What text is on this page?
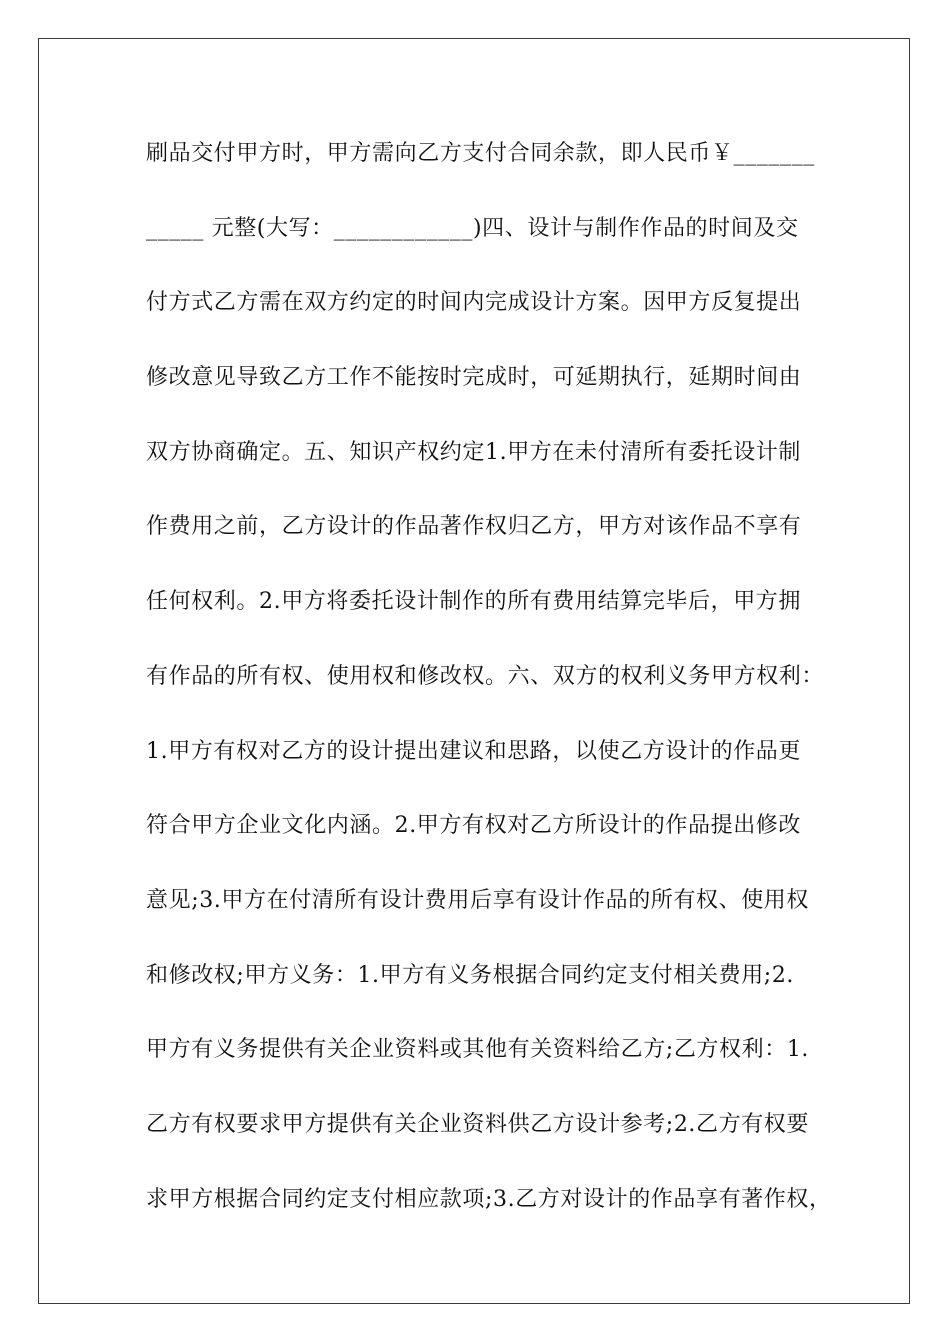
刷品交付甲方时，甲方需向乙方支付合同余款，即人民币￥_______
_____ 元整(大写：____________)四、设计与制作作品的时间及交
付方式乙方需在双方约定的时间内完成设计方案。因甲方反复提出
修改意见导致乙方工作不能按时完成时，可延期执行，延期时间由
双方协商确定。五、知识产权约定1.甲方在未付清所有委托设计制
作费用之前，乙方设计的作品著作权归乙方，甲方对该作品不享有
任何权利。2.甲方将委托设计制作的所有费用结算完毕后，甲方拥
有作品的所有权、使用权和修改权。六、双方的权利义务甲方权利：
1.甲方有权对乙方的设计提出建议和思路，以使乙方设计的作品更
符合甲方企业文化内涵。2.甲方有权对乙方所设计的作品提出修改
意见;3.甲方在付清所有设计费用后享有设计作品的所有权、使用权
和修改权;甲方义务：1.甲方有义务根据合同约定支付相关费用;2.
甲方有义务提供有关企业资料或其他有关资料给乙方;乙方权利：1.
乙方有权要求甲方提供有关企业资料供乙方设计参考;2.乙方有权要
求甲方根据合同约定支付相应款项;3.乙方对设计的作品享有著作权，
